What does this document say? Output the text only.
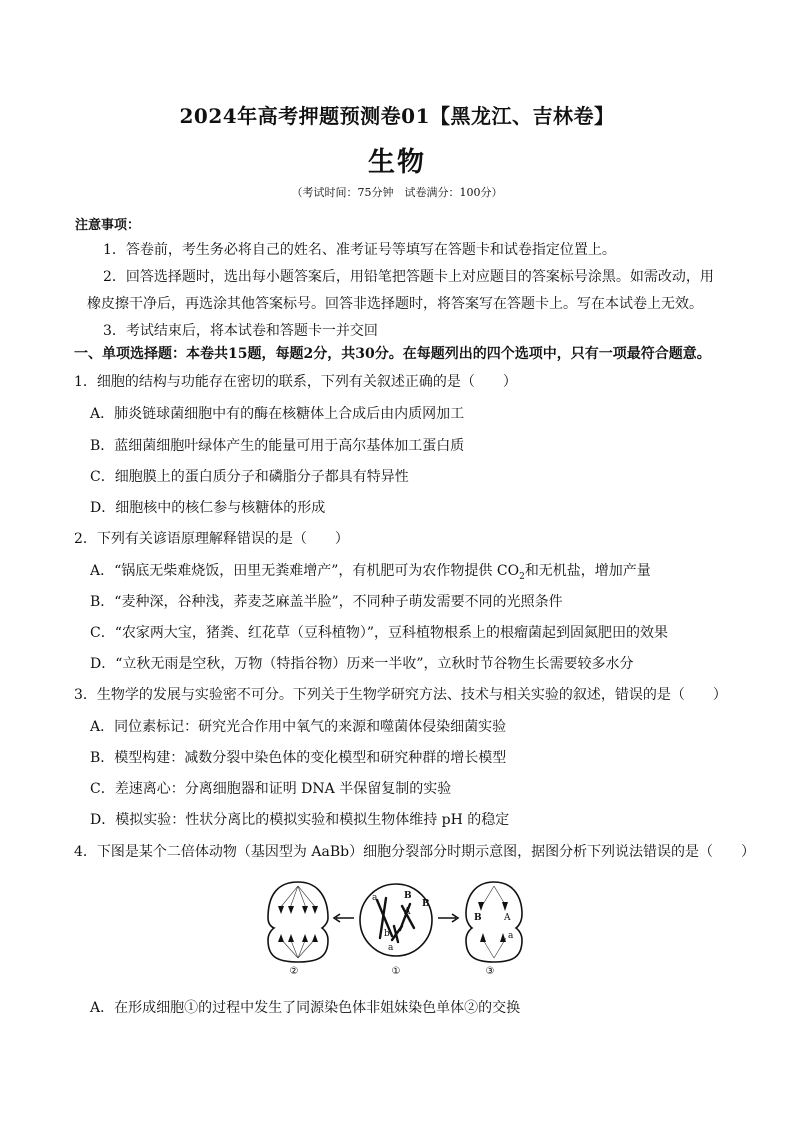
2024年高考押题预测卷01【黑龙江、吉林卷】
生物
（考试时间：75分钟　试卷满分：100分）
注意事项：
1．答卷前，考生务必将自己的姓名、准考证号等填写在答题卡和试卷指定位置上。
2．回答选择题时，选出每小题答案后，用铅笔把答题卡上对应题目的答案标号涂黑。如需改动，用
橡皮擦干净后，再选涂其他答案标号。回答非选择题时，将答案写在答题卡上。写在本试卷上无效。
3．考试结束后，将本试卷和答题卡一并交回
一、单项选择题：本卷共15题，每题2分，共30分。在每题列出的四个选项中，只有一项最符合题意。
1．细胞的结构与功能存在密切的联系，下列有关叙述正确的是（　　）
A．肺炎链球菌细胞中有的酶在核糖体上合成后由内质网加工
B．蓝细菌细胞叶绿体产生的能量可用于高尔基体加工蛋白质
C．细胞膜上的蛋白质分子和磷脂分子都具有特异性
D．细胞核中的核仁参与核糖体的形成
2．下列有关谚语原理解释错误的是（　　）
A．“锅底无柴难烧饭，田里无粪难增产”，有机肥可为农作物提供 $CO_2$和无机盐，增加产量
B．“麦种深，谷种浅，荞麦芝麻盖半脸”，不同种子萌发需要不同的光照条件
C．“农家两大宝，猪粪、红花草（豆科植物）”，豆科植物根系上的根瘤菌起到固氮肥田的效果
D．“立秋无雨是空秋，万物（特指谷物）历来一半收”，立秋时节谷物生长需要较多水分
3．生物学的发展与实验密不可分。下列关于生物学研究方法、技术与相关实验的叙述，错误的是（　　）
A．同位素标记：研究光合作用中氧气的来源和噬菌体侵染细菌实验
B．模型构建：减数分裂中染色体的变化模型和研究种群的增长模型
C．差速离心：分离细胞器和证明 DNA 半保留复制的实验
D．模拟实验：性状分离比的模拟实验和模拟生物体维持 pH 的稳定
4．下图是某个二倍体动物（基因型为 AaBb）细胞分裂部分时期示意图，据图分析下列说法错误的是（　　）
②
a	B
A
b
a
B
①
B A
a
③
A．在形成细胞①的过程中发生了同源染色体非姐妹染色单体②的交换
